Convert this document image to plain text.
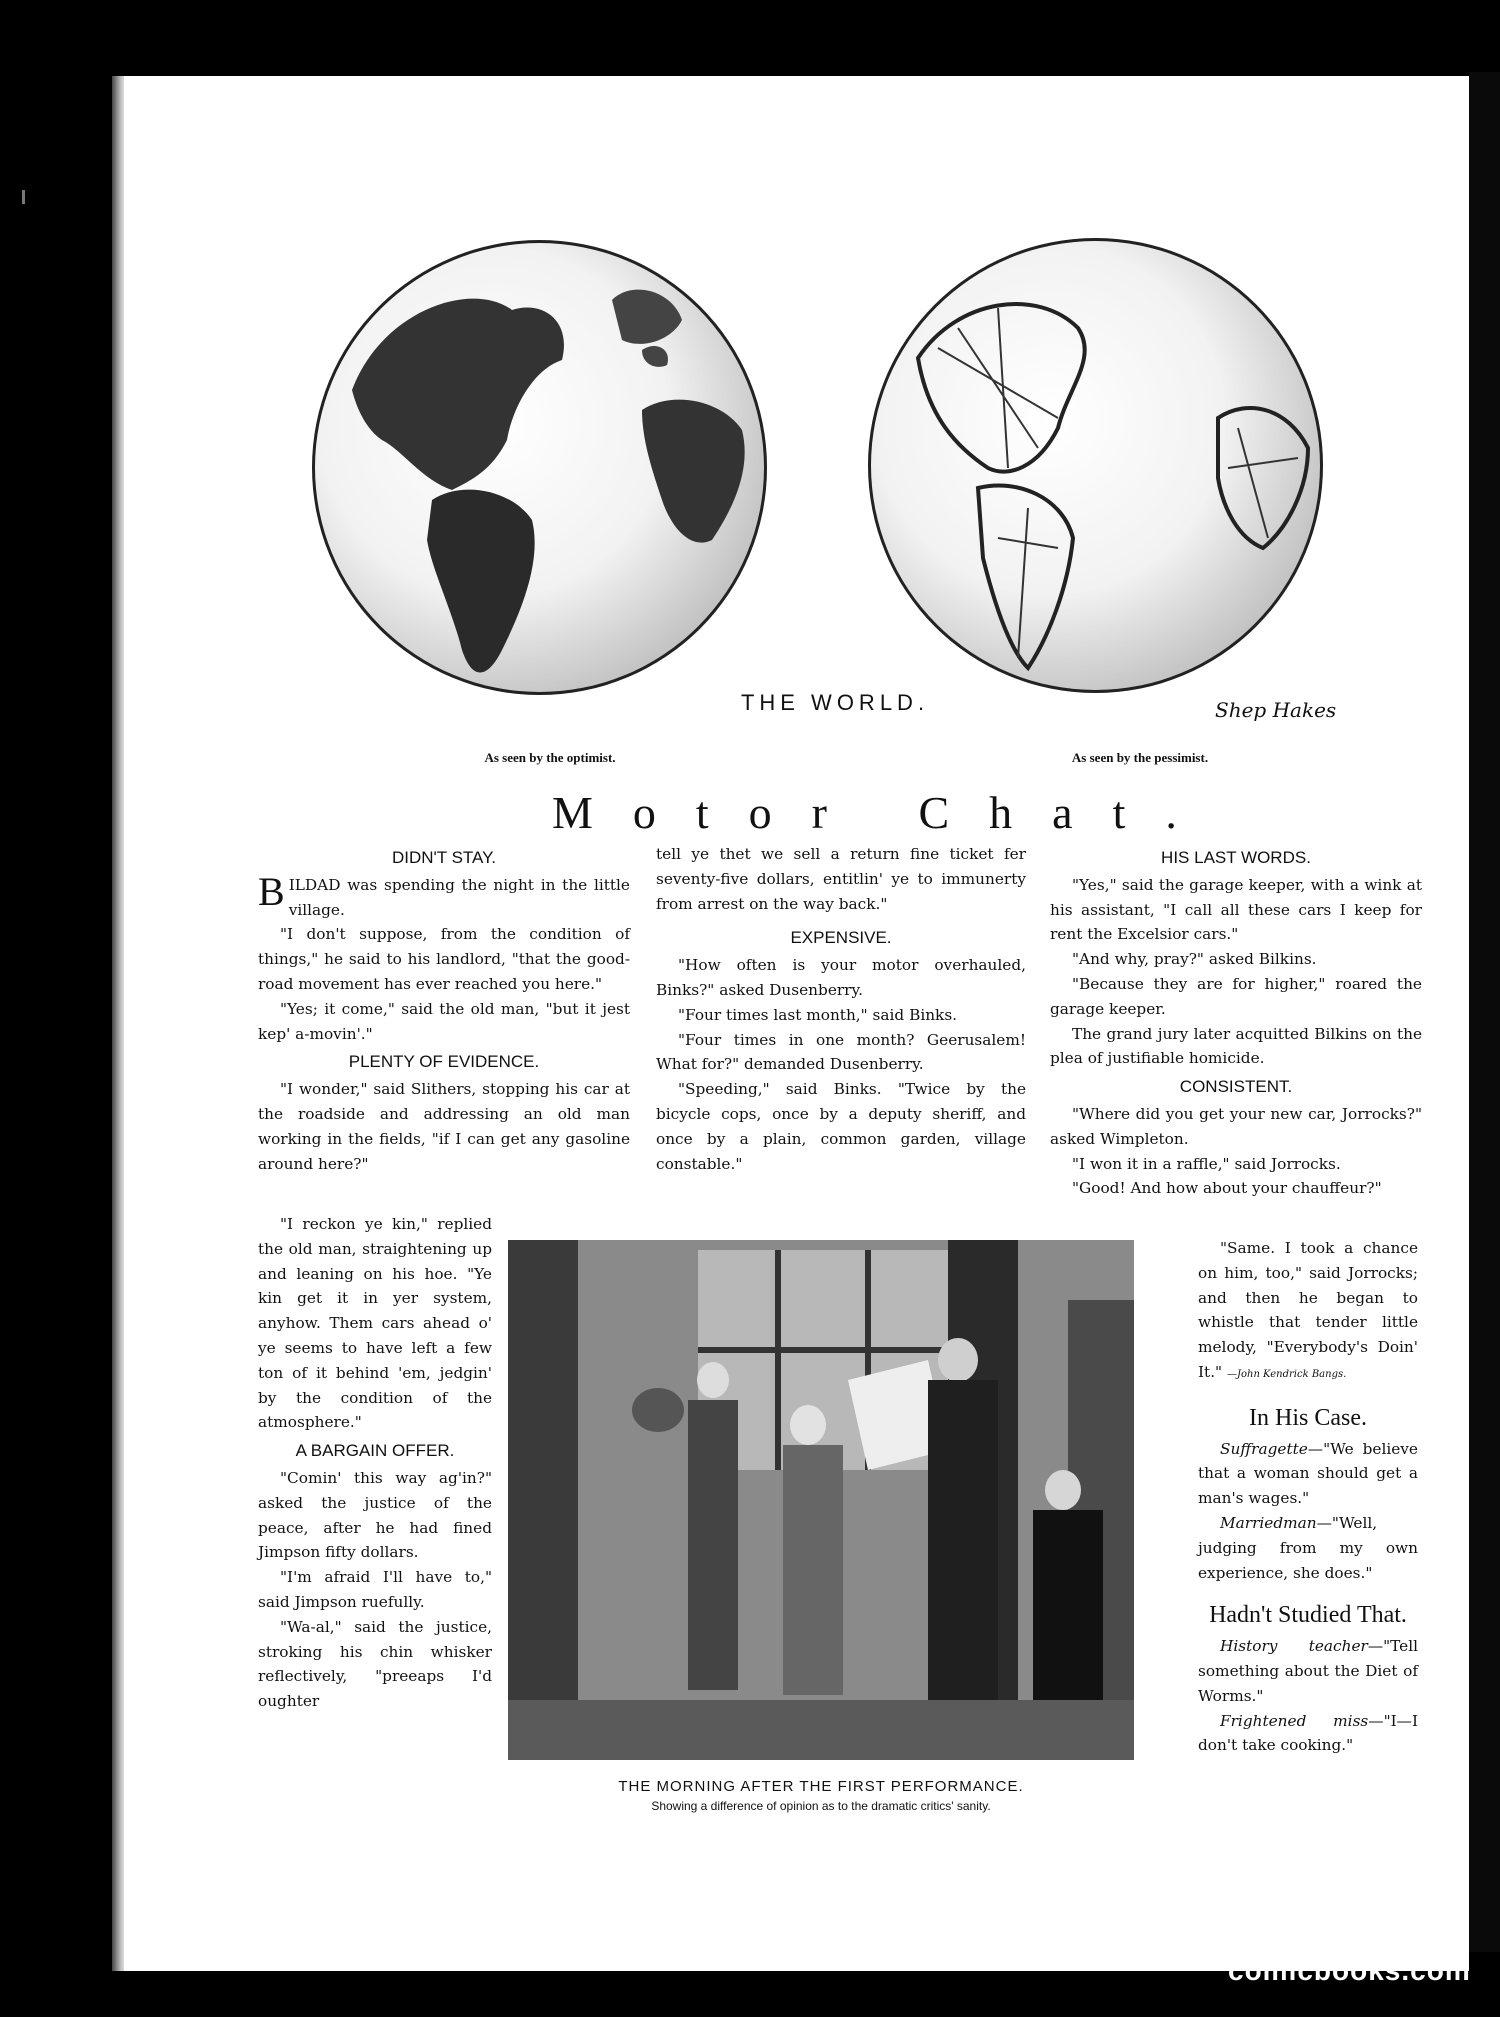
THE WORLD.	Shep Hakes
As seen by the optimist.	As seen by the pessimist.
Motor Chat.
DIDN'T STAY.

BILDAD was spending the night in the little village.

"I don't suppose, from the condition of things," he said to his landlord, "that the good-road movement has ever reached you here."

"Yes; it come," said the old man, "but it jest kep' a-movin'."

PLENTY OF EVIDENCE.

"I wonder," said Slithers, stopping his car at the roadside and addressing an old man working in the fields, "if I can get any gasoline around here?"

"I reckon ye kin," replied the old man, straightening up and leaning on his hoe. "Ye kin get it in yer system, anyhow. Them cars ahead o' ye seems to have left a few ton of it behind 'em, jedgin' by the condition of the atmosphere."

A BARGAIN OFFER.

"Comin' this way ag'in?" asked the justice of the peace, after he had fined Jimpson fifty dollars.

"I'm afraid I'll have to," said Jimpson ruefully.

"Wa-al," said the justice, stroking his chin whisker reflectively, "preeaps I'd oughter

tell ye thet we sell a return fine ticket fer seventy-five dollars, entitlin' ye to immunerty from arrest on the way back."

EXPENSIVE.

"How often is your motor overhauled, Binks?" asked Dusenberry.

"Four times last month," said Binks.

"Four times in one month? Geerusalem! What for?" demanded Dusenberry.

"Speeding," said Binks. "Twice by the bicycle cops, once by a deputy sheriff, and once by a plain, common garden, village constable."

HIS LAST WORDS.

"Yes," said the garage keeper, with a wink at his assistant, "I call all these cars I keep for rent the Excelsior cars."

"And why, pray?" asked Bilkins.

"Because they are for higher," roared the garage keeper.

The grand jury later acquitted Bilkins on the plea of justifiable homicide.

CONSISTENT.

"Where did you get your new car, Jorrocks?" asked Wimpleton.

"I won it in a raffle," said Jorrocks.

"Good! And how about your chauffeur?"

"Same. I took a chance on him, too," said Jorrocks; and then he began to whistle that tender little melody, "Everybody's Doin' It." —John Kendrick Bangs.

In His Case.

Suffragette—"We believe that a woman should get a man's wages."

Marriedman—"Well, judging from my own experience, she does."

Hadn't Studied That.

History teacher—"Tell something about the Diet of Worms."

Frightened miss—"I—I don't take cooking."

THE MORNING AFTER THE FIRST PERFORMANCE.
Showing a difference of opinion as to the dramatic critics' sanity.
comicbooks.com
